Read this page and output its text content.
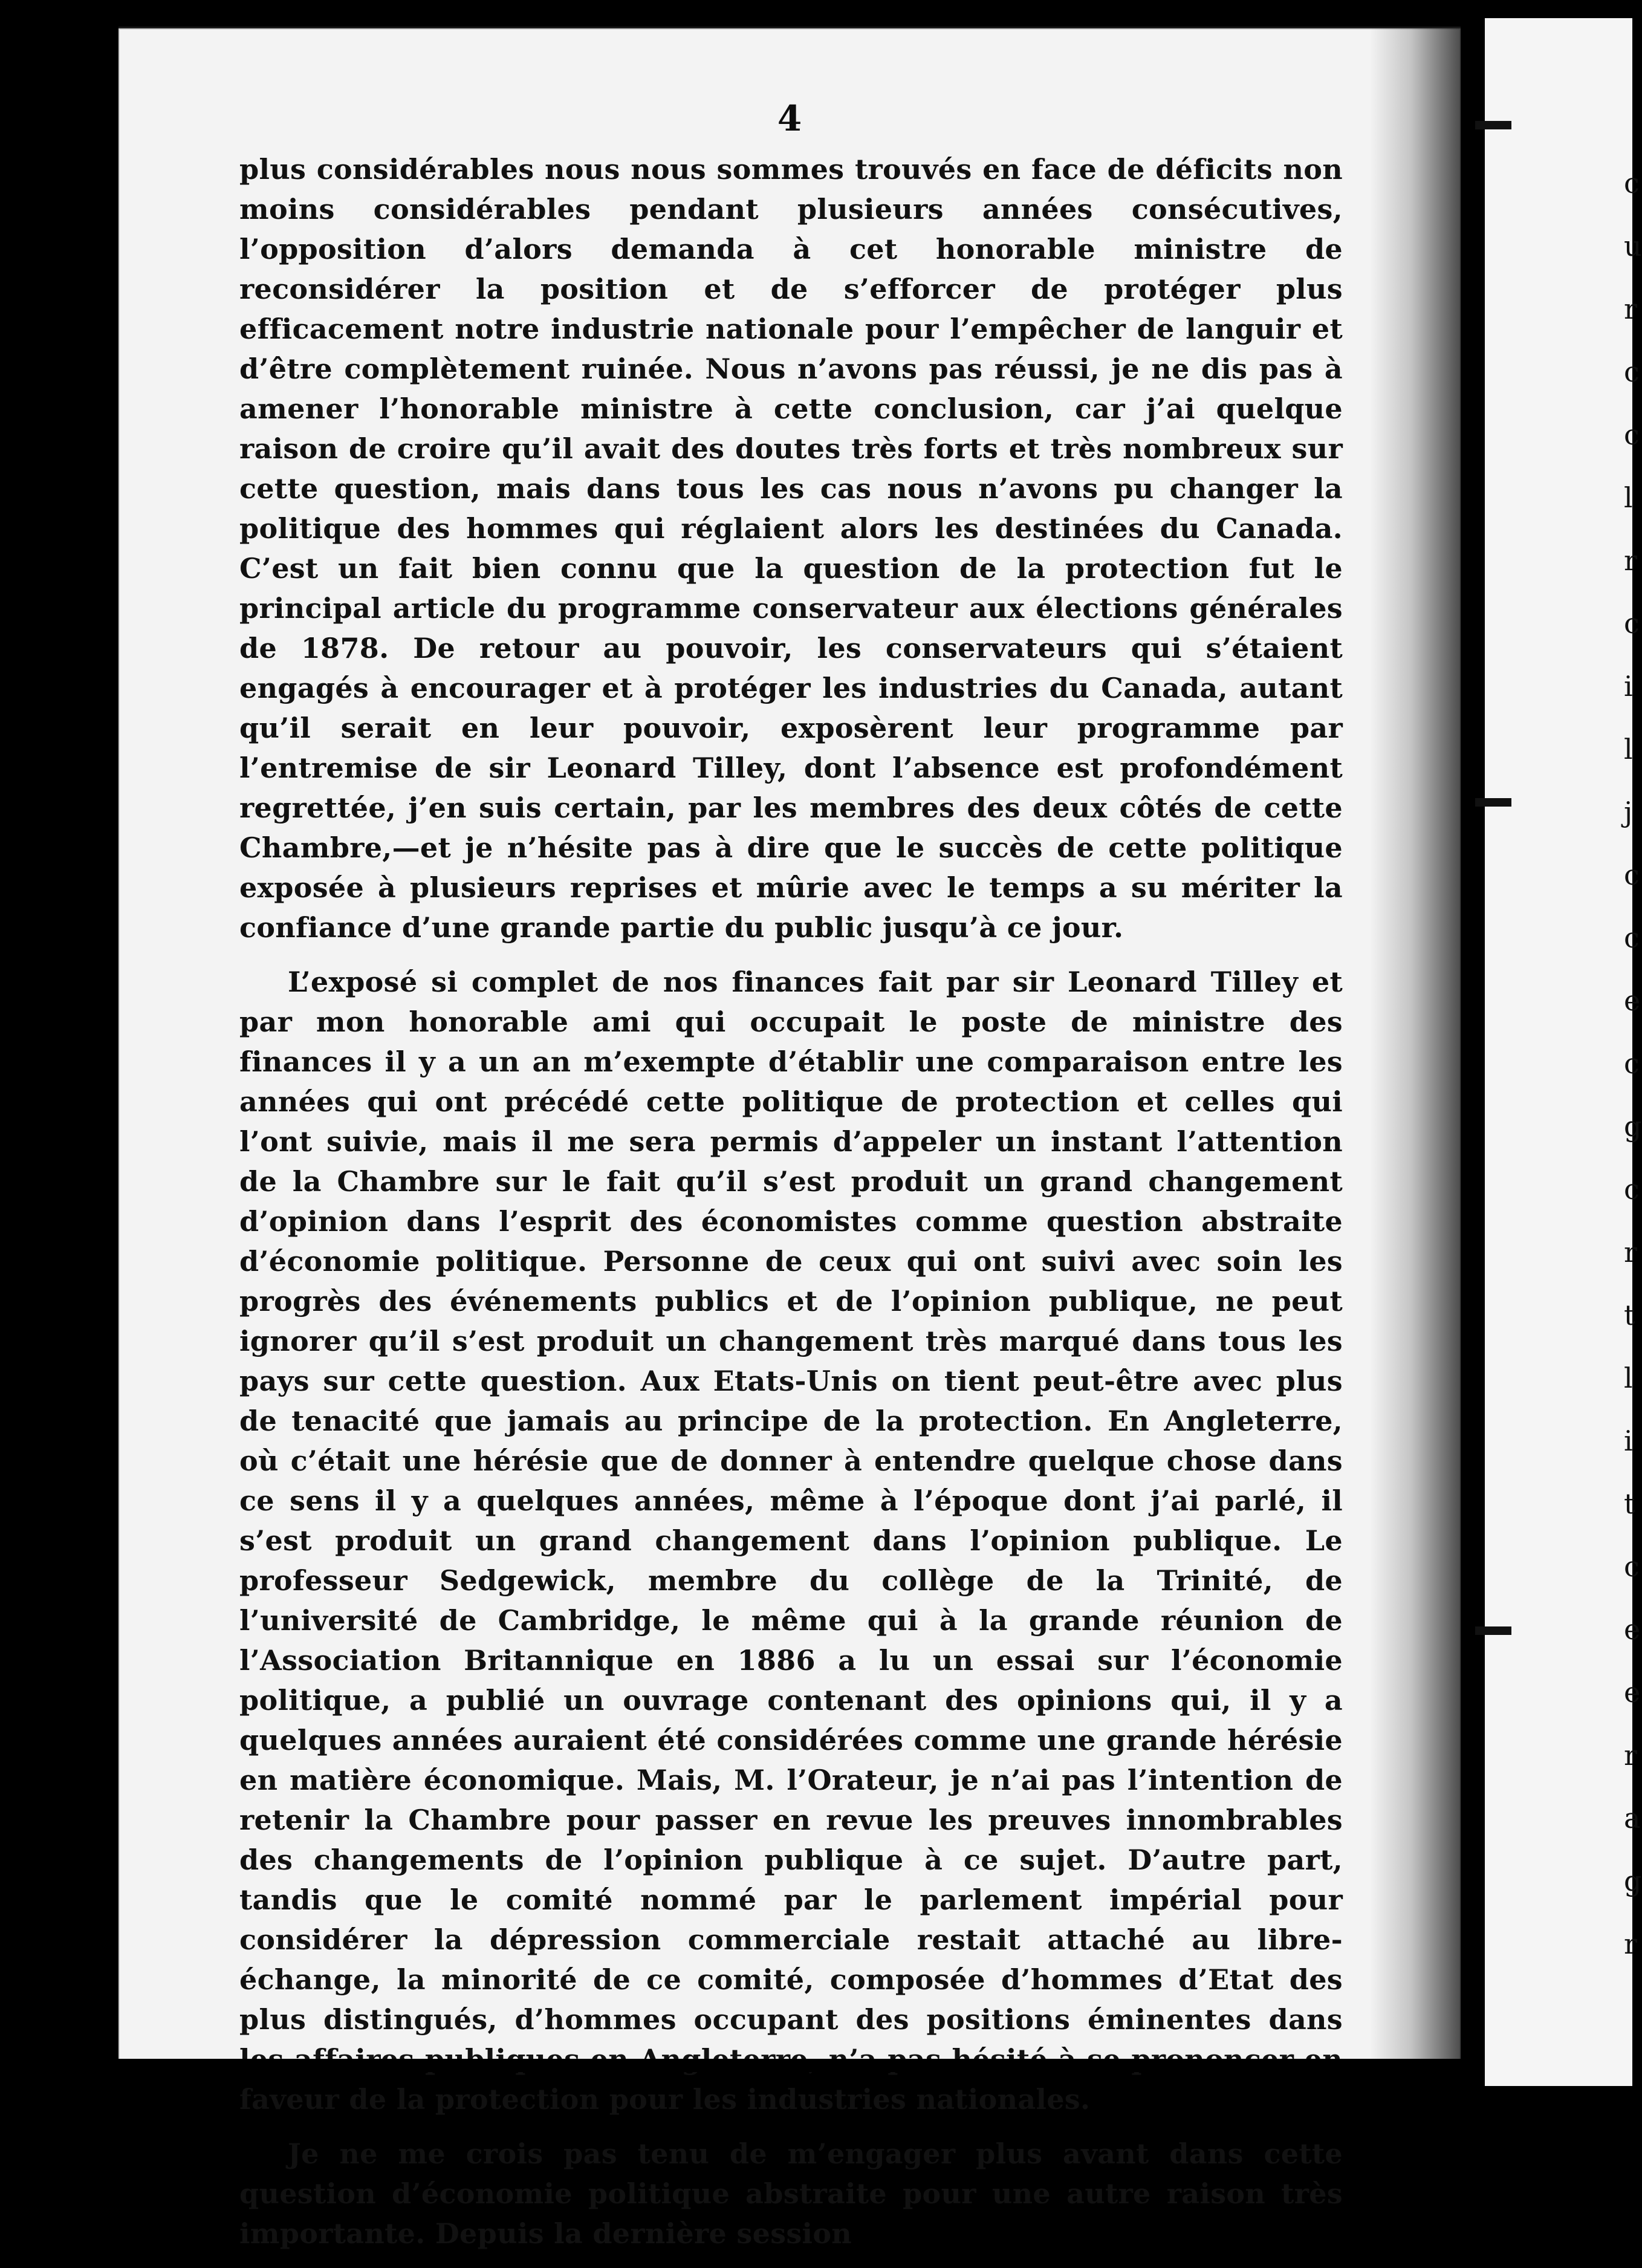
4

plus considérables nous nous sommes trouvés en face de déficits non moins considérables pendant plusieurs années consécutives, l’opposition d’alors demanda à cet honorable ministre de reconsidérer la position et de s’efforcer de protéger plus efficacement notre industrie nationale pour l’empêcher de languir et d’être complètement ruinée. Nous n’avons pas réussi, je ne dis pas à amener l’honorable ministre à cette conclusion, car j’ai quelque raison de croire qu’il avait des doutes très forts et très nombreux sur cette question, mais dans tous les cas nous n’avons pu changer la politique des hommes qui réglaient alors les destinées du Canada. C’est un fait bien connu que la question de la protection fut le principal article du programme conservateur aux élections générales de 1878. De retour au pouvoir, les conservateurs qui s’étaient engagés à encourager et à protéger les industries du Canada, autant qu’il serait en leur pouvoir, exposèrent leur programme par l’entremise de sir Leonard Tilley, dont l’absence est profondément regrettée, j’en suis certain, par les membres des deux côtés de cette Chambre,—et je n’hésite pas à dire que le succès de cette politique exposée à plusieurs reprises et mûrie avec le temps a su mériter la confiance d’une grande partie du public jusqu’à ce jour.

L’exposé si complet de nos finances fait par sir Leonard Tilley et par mon honorable ami qui occupait le poste de ministre des finances il y a un an m’exempte d’établir une comparaison entre les années qui ont précédé cette politique de protection et celles qui l’ont suivie, mais il me sera permis d’appeler un instant l’attention de la Chambre sur le fait qu’il s’est produit un grand changement d’opinion dans l’esprit des économistes comme question abstraite d’économie politique. Personne de ceux qui ont suivi avec soin les progrès des événements publics et de l’opinion publique, ne peut ignorer qu’il s’est produit un changement très marqué dans tous les pays sur cette question. Aux Etats-Unis on tient peut-être avec plus de tenacité que jamais au principe de la protection. En Angleterre, où c’était une hérésie que de donner à entendre quelque chose dans ce sens il y a quelques années, même à l’époque dont j’ai parlé, il s’est produit un grand changement dans l’opinion publique. Le professeur Sedgewick, membre du collège de la Trinité, de l’université de Cambridge, le même qui à la grande réunion de l’Association Britannique en 1886 a lu un essai sur l’économie politique, a publié un ouvrage contenant des opinions qui, il y a quelques années auraient été considérées comme une grande hérésie en matière économique. Mais, M. l’Orateur, je n’ai pas l’intention de retenir la Chambre pour passer en revue les preuves innombrables des changements de l’opinion publique à ce sujet. D’autre part, tandis que le comité nommé par le parlement impérial pour considérer la dépression commerciale restait attaché au libre-échange, la minorité de ce comité, composée d’hommes d’Etat des plus distingués, d’hommes occupant des positions éminentes dans faveur de la protection pour les industries nationales.

Je ne me crois pas tenu de m’engager plus avant dans cette question d’économie politique abstraite pour une autre raison très importante. Depuis la dernière session

c
u
r
c
c
l
r
c
i
l
j
c
c
e
c
g
c
r
t
l
i
t
c
e
e
r
a
g
r
